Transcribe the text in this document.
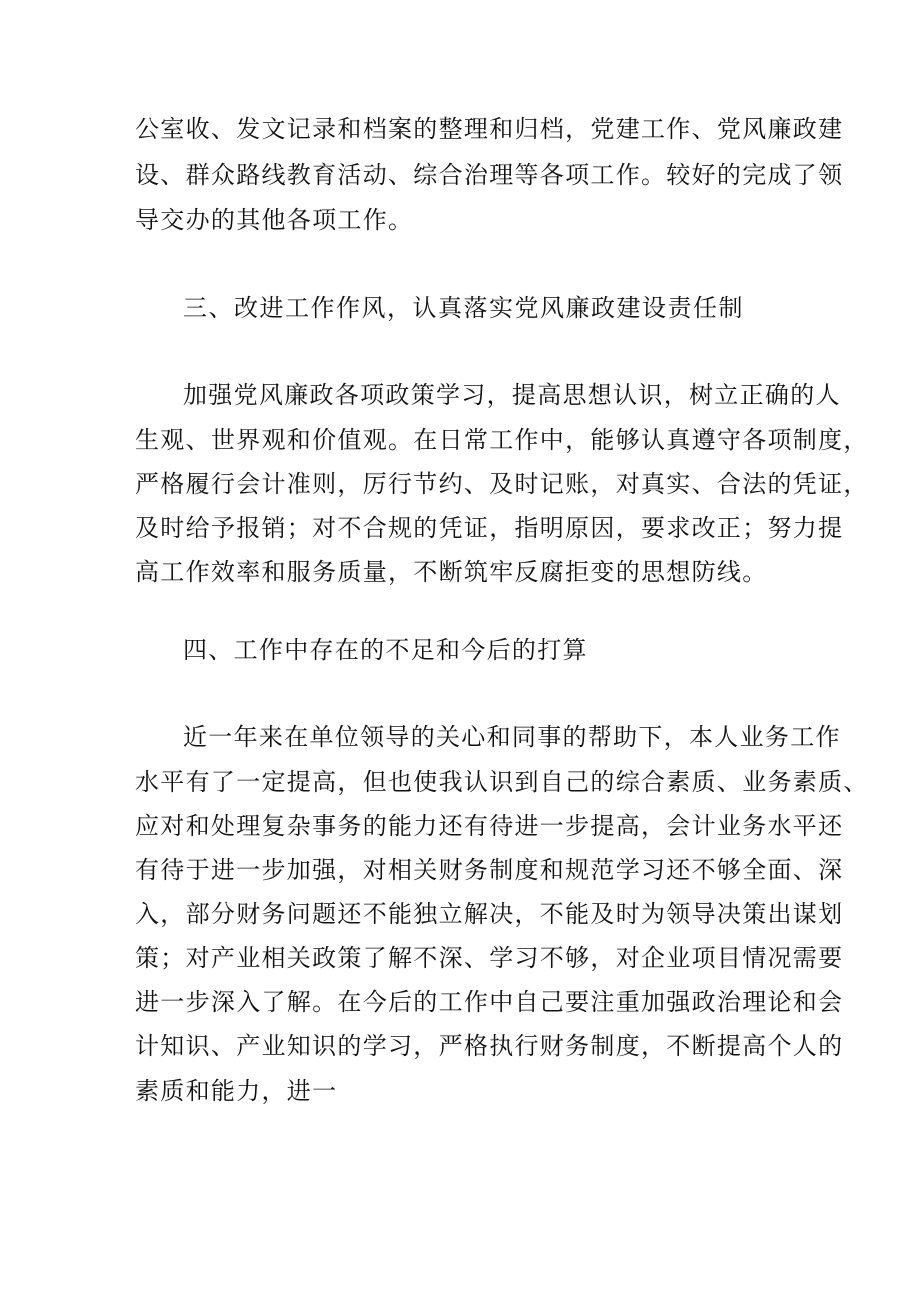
公室收、发文记录和档案的整理和归档，党建工作、党风廉政建
设、群众路线教育活动、综合治理等各项工作。较好的完成了领
导交办的其他各项工作。
三、改进工作作风，认真落实党风廉政建设责任制
加强党风廉政各项政策学习，提高思想认识，树立正确的人
生观、世界观和价值观。在日常工作中，能够认真遵守各项制度，
严格履行会计准则，厉行节约、及时记账，对真实、合法的凭证，
及时给予报销；对不合规的凭证，指明原因，要求改正；努力提
高工作效率和服务质量，不断筑牢反腐拒变的思想防线。
四、工作中存在的不足和今后的打算
近一年来在单位领导的关心和同事的帮助下，本人业务工作
水平有了一定提高，但也使我认识到自己的综合素质、业务素质、
应对和处理复杂事务的能力还有待进一步提高，会计业务水平还
有待于进一步加强，对相关财务制度和规范学习还不够全面、深
入，部分财务问题还不能独立解决，不能及时为领导决策出谋划
策；对产业相关政策了解不深、学习不够，对企业项目情况需要
进一步深入了解。在今后的工作中自己要注重加强政治理论和会
计知识、产业知识的学习，严格执行财务制度，不断提高个人的
素质和能力，进一
